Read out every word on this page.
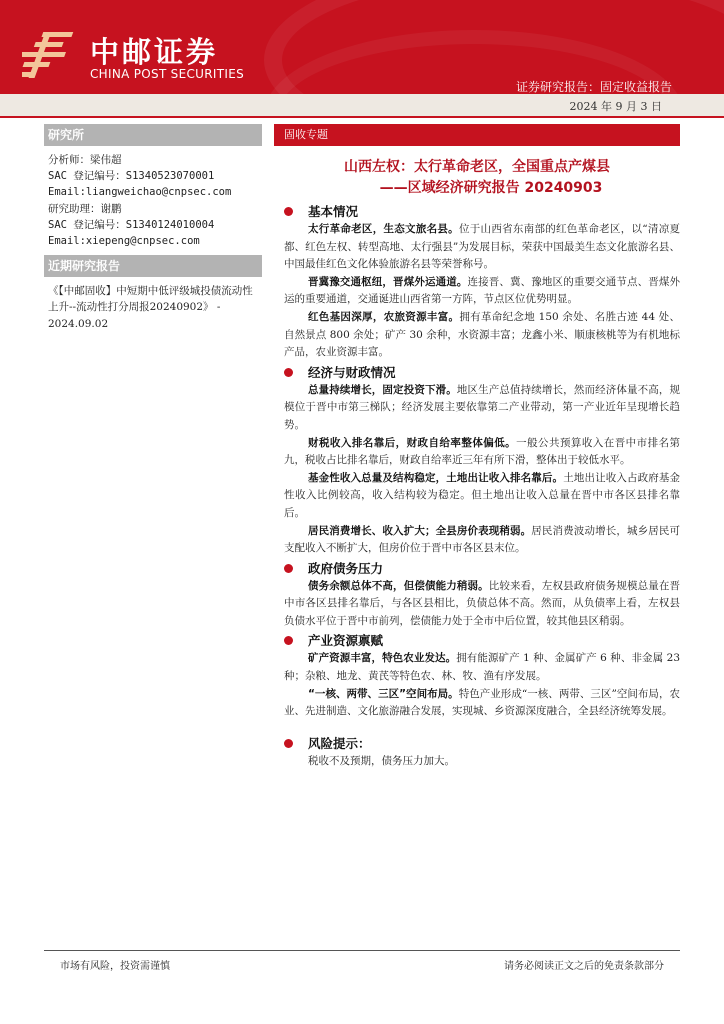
中邮证券
CHINA POST SECURITIES
证券研究报告：固定收益报告
2024 年 9 月 3 日
研究所
分析师：梁伟超
SAC 登记编号：S1340523070001
Email:liangweichao@cnpsec.com
研究助理：谢鹏
SAC 登记编号：S1340124010004
Email:xiepeng@cnpsec.com
近期研究报告
《【中邮固收】中短期中低评级城投债流动性上升--流动性打分周报20240902》 - 2024.09.02
固收专题
山西左权：太行革命老区，全国重点产煤县
——区域经济研究报告 20240903
基本情况
太行革命老区，生态文旅名县。位于山西省东南部的红色革命老区，以“清凉夏都、红色左权、转型高地、太行强县”为发展目标，荣获中国最美生态文化旅游名县、中国最佳红色文化体验旅游名县等荣誉称号。
晋冀豫交通枢纽，晋煤外运通道。连接晋、冀、豫地区的重要交通节点、晋煤外运的重要通道，交通诞进山西省第一方阵，节点区位优势明显。
红色基因深厚，农旅资源丰富。拥有革命纪念地 150 余处、名胜古迹 44 处、自然景点 800 余处；矿产 30 余种，水资源丰富；龙鑫小米、顺康核桃等为有机地标产品，农业资源丰富。
经济与财政情况
总量持续增长，固定投资下滑。地区生产总值持续增长，然而经济体量不高，规模位于晋中市第三梯队；经济发展主要依靠第二产业带动，第一产业近年呈现增长趋势。
财税收入排名靠后，财政自给率整体偏低。一般公共预算收入在晋中市排名第九，税收占比排名靠后，财政自给率近三年有所下滑，整体出于较低水平。
基金性收入总量及结构稳定，土地出让收入排名靠后。土地出让收入占政府基金性收入比例较高，收入结构较为稳定。但土地出让收入总量在晋中市各区县排名靠后。
居民消费增长、收入扩大；全县房价表现稍弱。居民消费波动增长，城乡居民可支配收入不断扩大，但房价位于晋中市各区县末位。
政府债务压力
债务余额总体不高，但偿债能力稍弱。比较来看，左权县政府债务规模总量在晋中市各区县排名靠后，与各区县相比，负债总体不高。然而，从负债率上看，左权县负债水平位于晋中市前列，偿债能力处于全市中后位置，较其他县区稍弱。
产业资源禀赋
矿产资源丰富，特色农业发达。拥有能源矿产 1 种、金属矿产 6 种、非金属 23 种；杂粮、地龙、黄芪等特色农、林、牧、渔有序发展。
“一核、两带、三区”空间布局。特色产业形成“一核、两带、三区”空间布局，农业、先进制造、文化旅游融合发展，实现城、乡资源深度融合，全县经济统筹发展。
风险提示：
税收不及预期，债务压力加大。
市场有风险，投资需谨慎	请务必阅读正文之后的免责条款部分
